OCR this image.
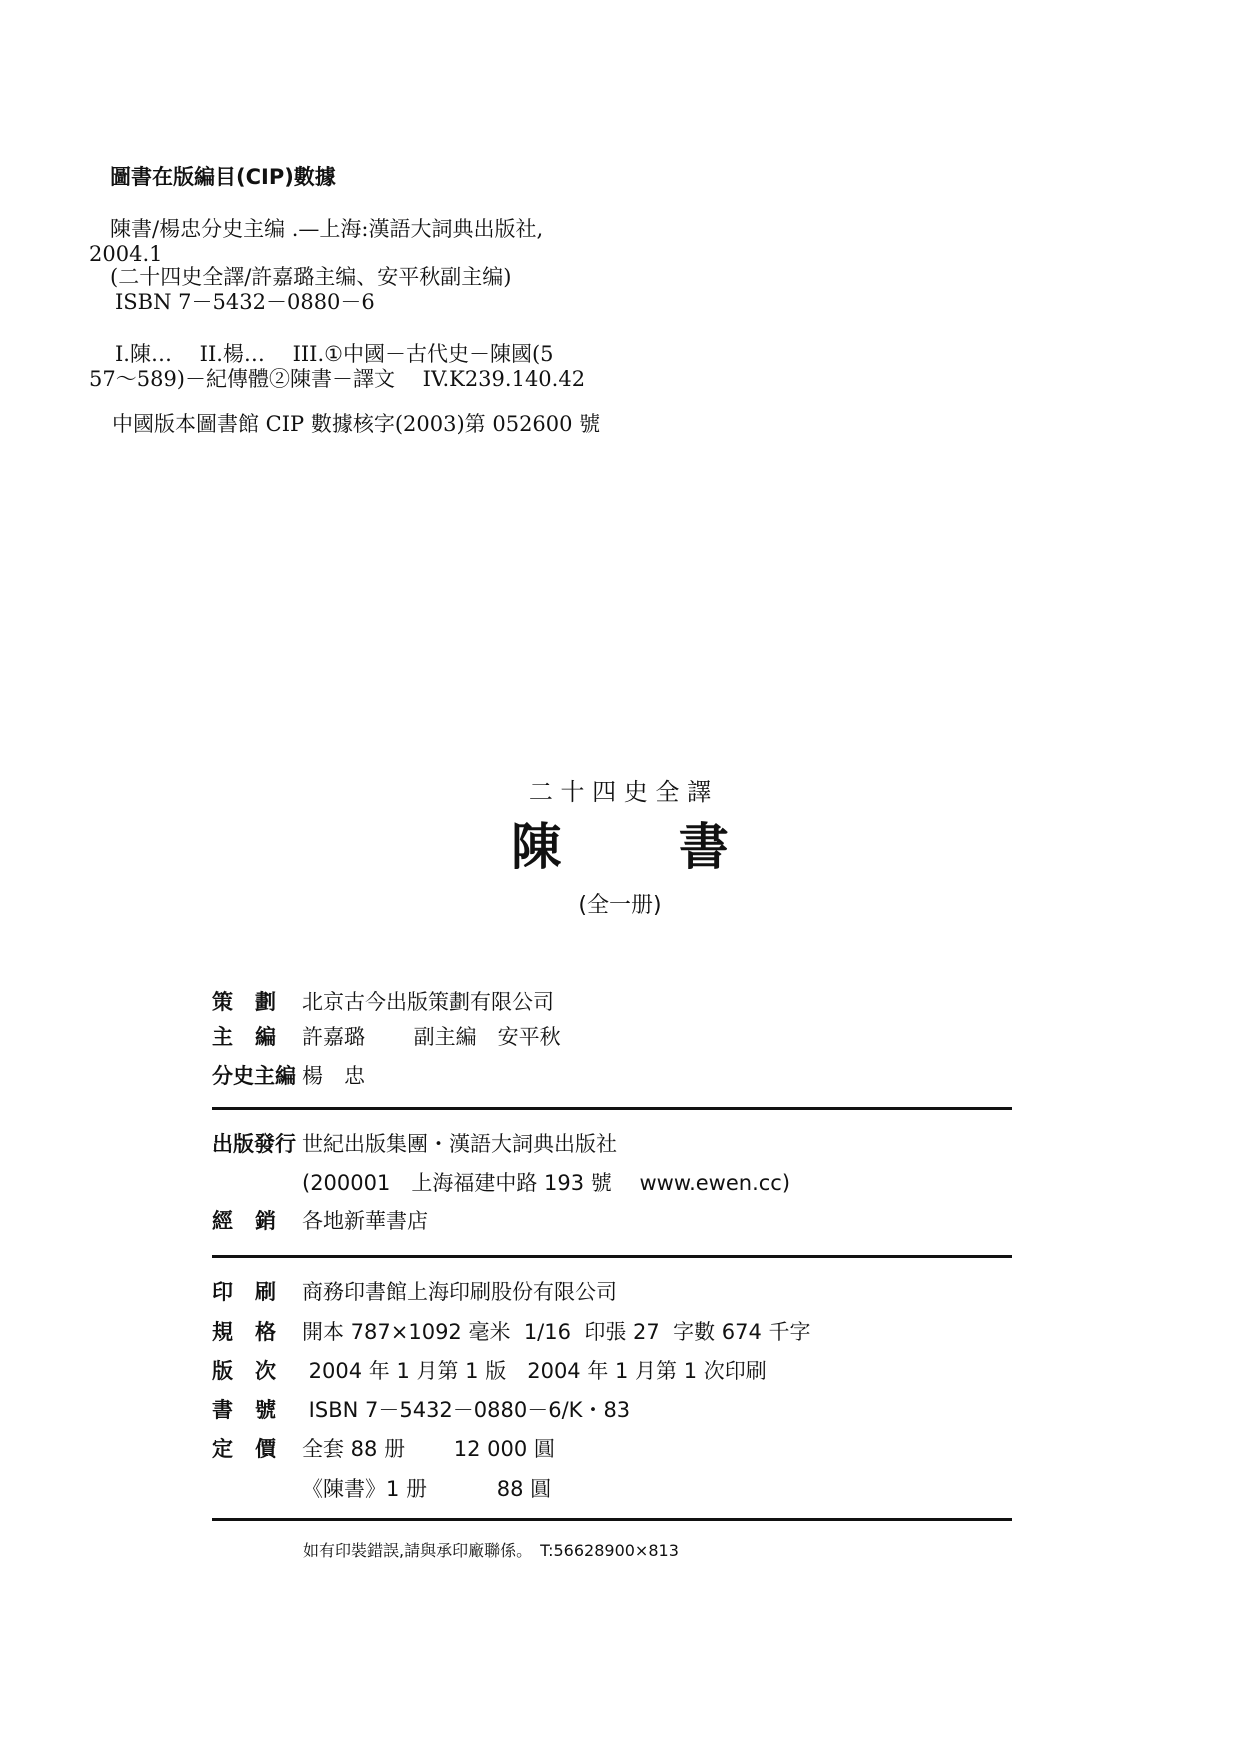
圖書在版編目(CIP)數據
陳書/楊忠分史主编 .—上海:漢語大詞典出版社,
2004.1
(二十四史全譯/許嘉璐主编、安平秋副主编)
ISBN 7－5432－0880－6
I.陳…　 II.楊…　 III.①中國－古代史－陳國(5
57～589)－紀傳體②陳書－譯文　 IV.K239.140.42
中國版本圖書館 CIP 數據核字(2003)第 052600 號
二 十 四 史 全 譯
陳　　 書
(全一册)
策劃 北京古今出版策劃有限公司
主編 許嘉璐　　 副主編　安平秋
分史主編 楊　忠
出版發行 世紀出版集團・漢語大詞典出版社
(200001　上海福建中路 193 號　 www.ewen.cc)
經銷 各地新華書店
印刷 商務印書館上海印刷股份有限公司
規格 開本 787×1092 毫米  1/16  印張 27  字數 674 千字
版次 2004 年 1 月第 1 版　2004 年 1 月第 1 次印刷
書號 ISBN 7－5432－0880－6/K・83
定價 全套 88 册　　 12 000 圓
《陳書》1 册　　　 88 圓
如有印裝錯誤,請與承印廠聯係。　T:56628900×813
